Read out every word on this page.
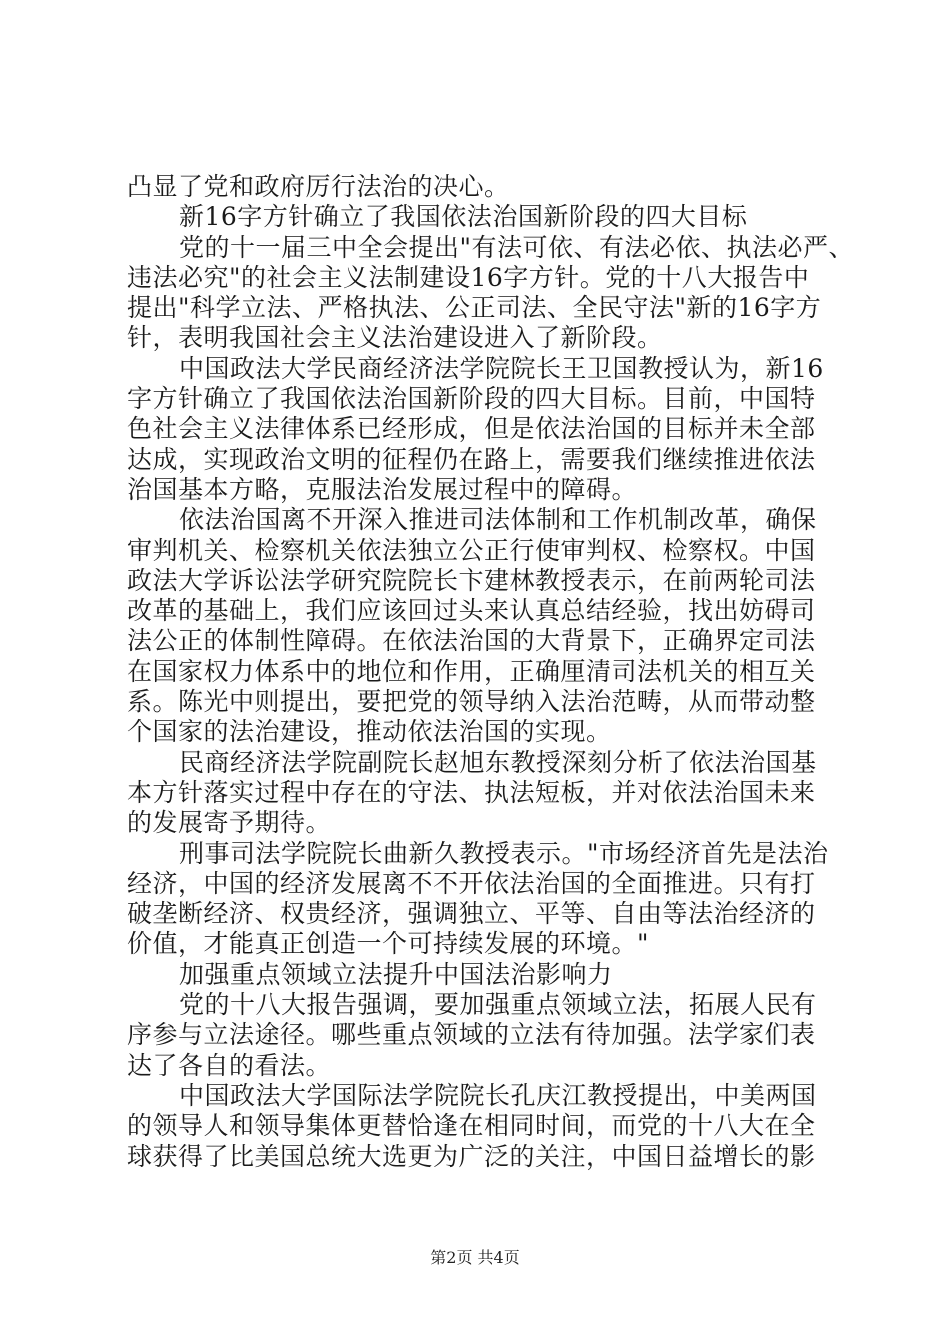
凸显了党和政府厉行法治的决心。
新16字方针确立了我国依法治国新阶段的四大目标
党的十一届三中全会提出"有法可依、有法必依、执法必严、
违法必究"的社会主义法制建设16字方针。党的十八大报告中
提出"科学立法、严格执法、公正司法、全民守法"新的16字方
针，表明我国社会主义法治建设进入了新阶段。
中国政法大学民商经济法学院院长王卫国教授认为，新16
字方针确立了我国依法治国新阶段的四大目标。目前，中国特
色社会主义法律体系已经形成，但是依法治国的目标并未全部
达成，实现政治文明的征程仍在路上，需要我们继续推进依法
治国基本方略，克服法治发展过程中的障碍。
依法治国离不开深入推进司法体制和工作机制改革，确保
审判机关、检察机关依法独立公正行使审判权、检察权。中国
政法大学诉讼法学研究院院长卞建林教授表示，在前两轮司法
改革的基础上，我们应该回过头来认真总结经验，找出妨碍司
法公正的体制性障碍。在依法治国的大背景下，正确界定司法
在国家权力体系中的地位和作用，正确厘清司法机关的相互关
系。陈光中则提出，要把党的领导纳入法治范畴，从而带动整
个国家的法治建设，推动依法治国的实现。
民商经济法学院副院长赵旭东教授深刻分析了依法治国基
本方针落实过程中存在的守法、执法短板，并对依法治国未来
的发展寄予期待。
刑事司法学院院长曲新久教授表示。"市场经济首先是法治
经济，中国的经济发展离不不开依法治国的全面推进。只有打
破垄断经济、权贵经济，强调独立、平等、自由等法治经济的
价值，才能真正创造一个可持续发展的环境。"
加强重点领域立法提升中国法治影响力
党的十八大报告强调，要加强重点领域立法，拓展人民有
序参与立法途径。哪些重点领域的立法有待加强。法学家们表
达了各自的看法。
中国政法大学国际法学院院长孔庆江教授提出，中美两国
的领导人和领导集体更替恰逢在相同时间，而党的十八大在全
球获得了比美国总统大选更为广泛的关注，中国日益增长的影
第2页 共4页
